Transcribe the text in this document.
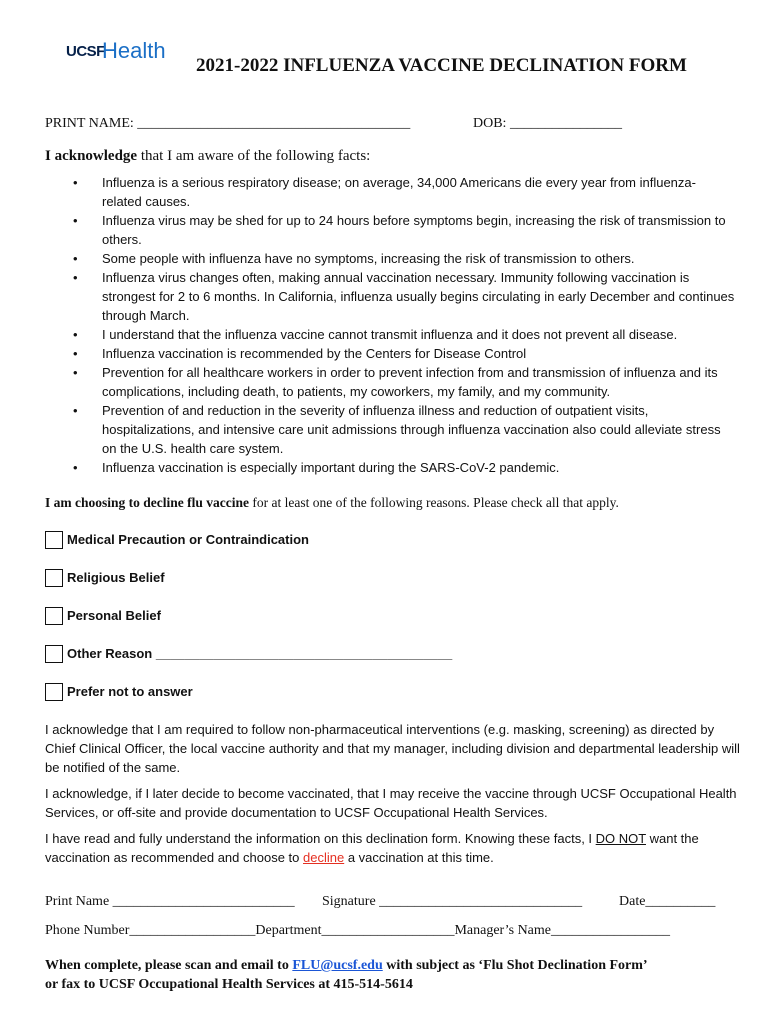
UCSF
Health
2021-2022 INFLUENZA VACCINE DECLINATION FORM
PRINT NAME: _______________________________________	DOB: ________________
I acknowledge that I am aware of the following facts:
• Influenza is a serious respiratory disease; on average, 34,000 Americans die every year from influenza-related causes.
• Influenza virus may be shed for up to 24 hours before symptoms begin, increasing the risk of transmission to others.
• Some people with influenza have no symptoms, increasing the risk of transmission to others.
• Influenza virus changes often, making annual vaccination necessary. Immunity following vaccination is strongest for 2 to 6 months. In California, influenza usually begins circulating in early December and continues through March.
• I understand that the influenza vaccine cannot transmit influenza and it does not prevent all disease.
• Influenza vaccination is recommended by the Centers for Disease Control
• Prevention for all healthcare workers in order to prevent infection from and transmission of influenza and its complications, including death, to patients, my coworkers, my family, and my community.
• Prevention of and reduction in the severity of influenza illness and reduction of outpatient visits, hospitalizations, and intensive care unit admissions through influenza vaccination also could alleviate stress on the U.S. health care system.
• Influenza vaccination is especially important during the SARS-CoV-2 pandemic.
I am choosing to decline flu vaccine for at least one of the following reasons. Please check all that apply.
Medical Precaution or Contraindication
Religious Belief
Personal Belief
Other Reason _________________________________________
Prefer not to answer
I acknowledge that I am required to follow non-pharmaceutical interventions (e.g. masking, screening) as directed by Chief Clinical Officer, the local vaccine authority and that my manager, including division and departmental leadership will be notified of the same.
I acknowledge, if I later decide to become vaccinated, that I may receive the vaccine through UCSF Occupational Health Services, or off-site and provide documentation to UCSF Occupational Health Services.
I have read and fully understand the information on this declination form. Knowing these facts, I DO NOT want the vaccination as recommended and choose to decline a vaccination at this time.
Print Name __________________________ Signature _____________________________	Date__________
Phone Number__________________Department___________________Manager’s Name_________________
When complete, please scan and email to FLU@ucsf.edu with subject as ‘Flu Shot Declination Form’
or fax to UCSF Occupational Health Services at 415-514-5614
